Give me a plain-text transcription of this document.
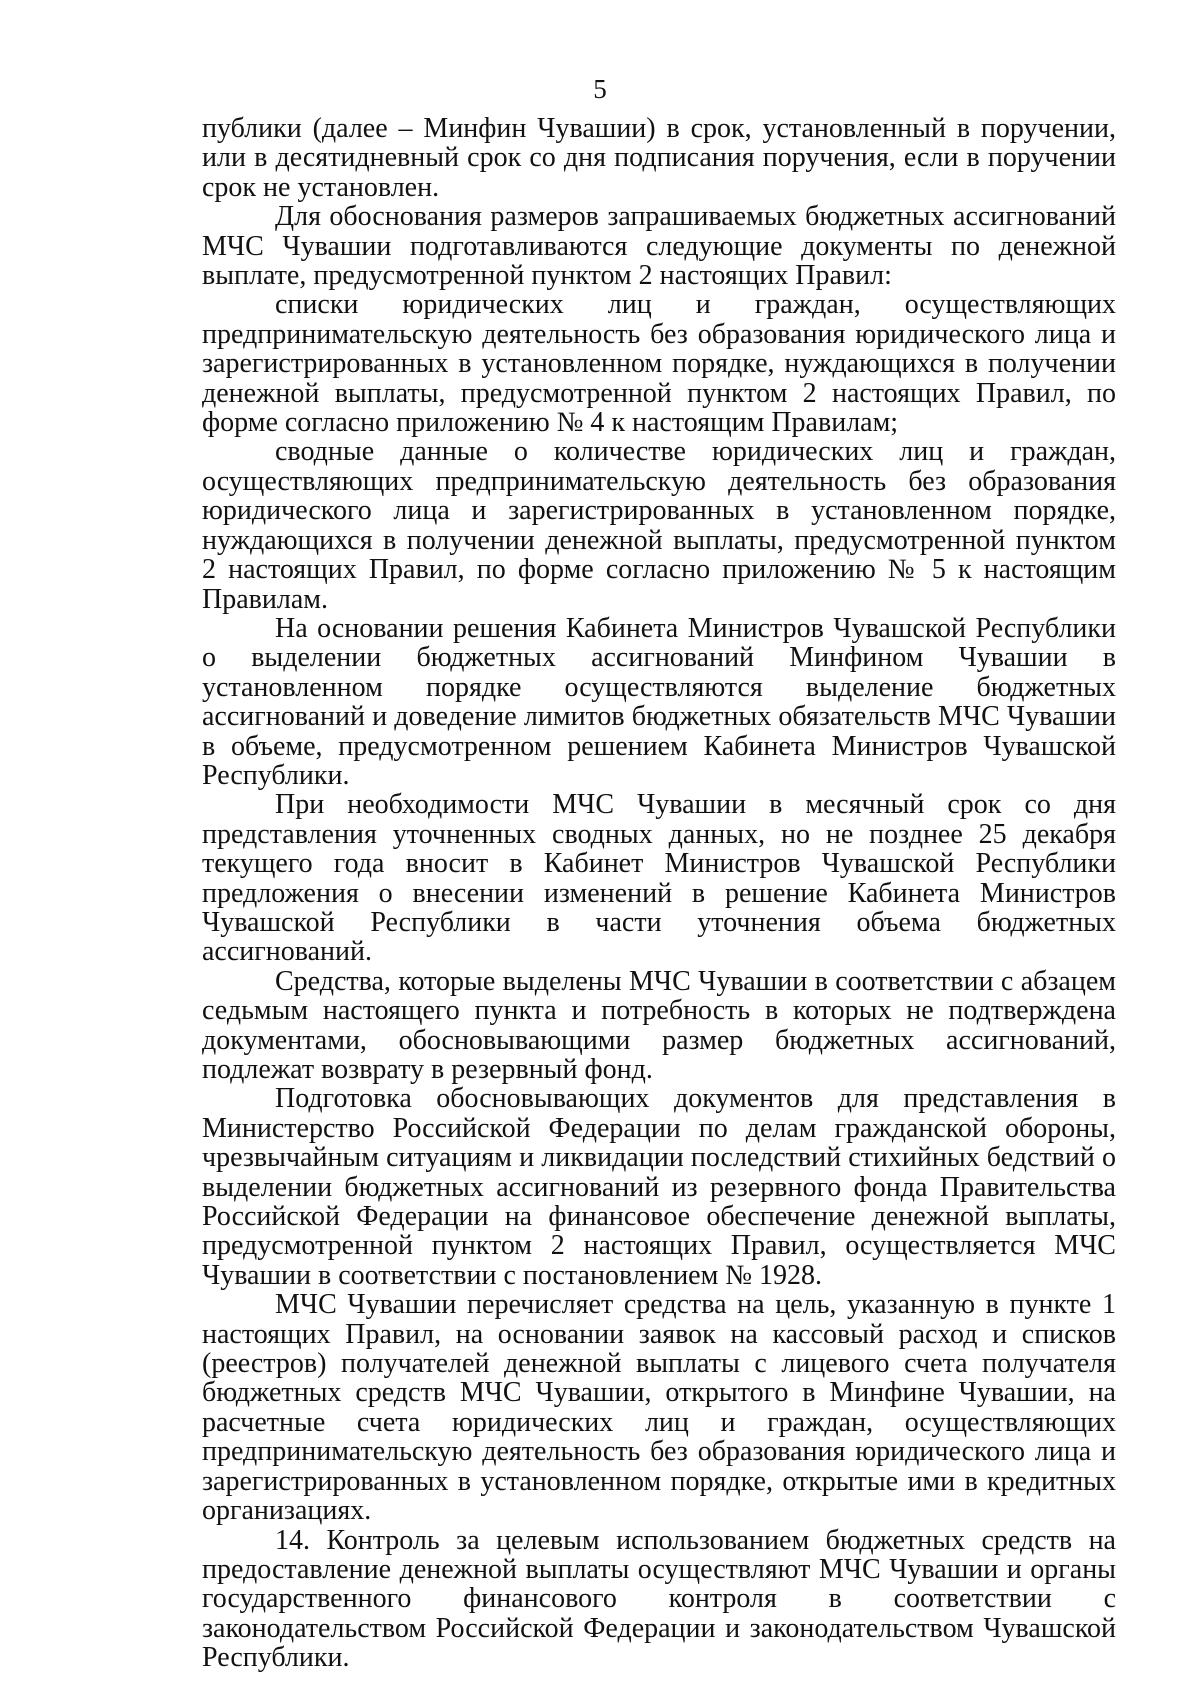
5

публики (далее – Минфин Чувашии) в срок, установленный в поручении, или в десятидневный срок со дня подписания поручения, если в поручении срок не установлен.

Для обоснования размеров запрашиваемых бюджетных ассигнований МЧС Чувашии подготавливаются следующие документы по денежной выплате, предусмотренной пунктом 2 настоящих Правил:

списки юридических лиц и граждан, осуществляющих предпринимательскую деятельность без образования юридического лица и зарегистрированных в установленном порядке, нуждающихся в получении денежной выплаты, предусмотренной пунктом 2 настоящих Правил, по форме согласно приложению № 4 к настоящим Правилам;

сводные данные о количестве юридических лиц и граждан, осуществляющих предпринимательскую деятельность без образования юридического лица и зарегистрированных в установленном порядке, нуждающихся в получении денежной выплаты, предусмотренной пунктом 2 настоящих Правил, по форме согласно приложению № 5 к настоящим Правилам.

На основании решения Кабинета Министров Чувашской Республики о выделении бюджетных ассигнований Минфином Чувашии в установленном порядке осуществляются выделение бюджетных ассигнований и доведение лимитов бюджетных обязательств МЧС Чувашии в объеме, предусмотренном решением Кабинета Министров Чувашской Республики.

При необходимости МЧС Чувашии в месячный срок со дня представления уточненных сводных данных, но не позднее 25 декабря текущего года вносит в Кабинет Министров Чувашской Республики предложения о внесении изменений в решение Кабинета Министров Чувашской Республики в части уточнения объема бюджетных ассигнований.

Средства, которые выделены МЧС Чувашии в соответствии с абзацем седьмым настоящего пункта и потребность в которых не подтверждена документами, обосновывающими размер бюджетных ассигнований, подлежат возврату в резервный фонд.

Подготовка обосновывающих документов для представления в Министерство Российской Федерации по делам гражданской обороны, чрезвычайным ситуациям и ликвидации последствий стихийных бедствий о выделении бюджетных ассигнований из резервного фонда Правительства Российской Федерации на финансовое обеспечение денежной выплаты, предусмотренной пунктом 2 настоящих Правил, осуществляется МЧС Чувашии в соответствии с постановлением № 1928.

МЧС Чувашии перечисляет средства на цель, указанную в пункте 1 настоящих Правил, на основании заявок на кассовый расход и списков (реестров) получателей денежной выплаты с лицевого счета получателя бюджетных средств МЧС Чувашии, открытого в Минфине Чувашии, на расчетные счета юридических лиц и граждан, осуществляющих предпринимательскую деятельность без образования юридического лица и зарегистрированных в установленном порядке, открытые ими в кредитных организациях.

14. Контроль за целевым использованием бюджетных средств на предоставление денежной выплаты осуществляют МЧС Чувашии и органы государственного финансового контроля в соответствии с законодательством Российской Федерации и законодательством Чувашской Республики.
